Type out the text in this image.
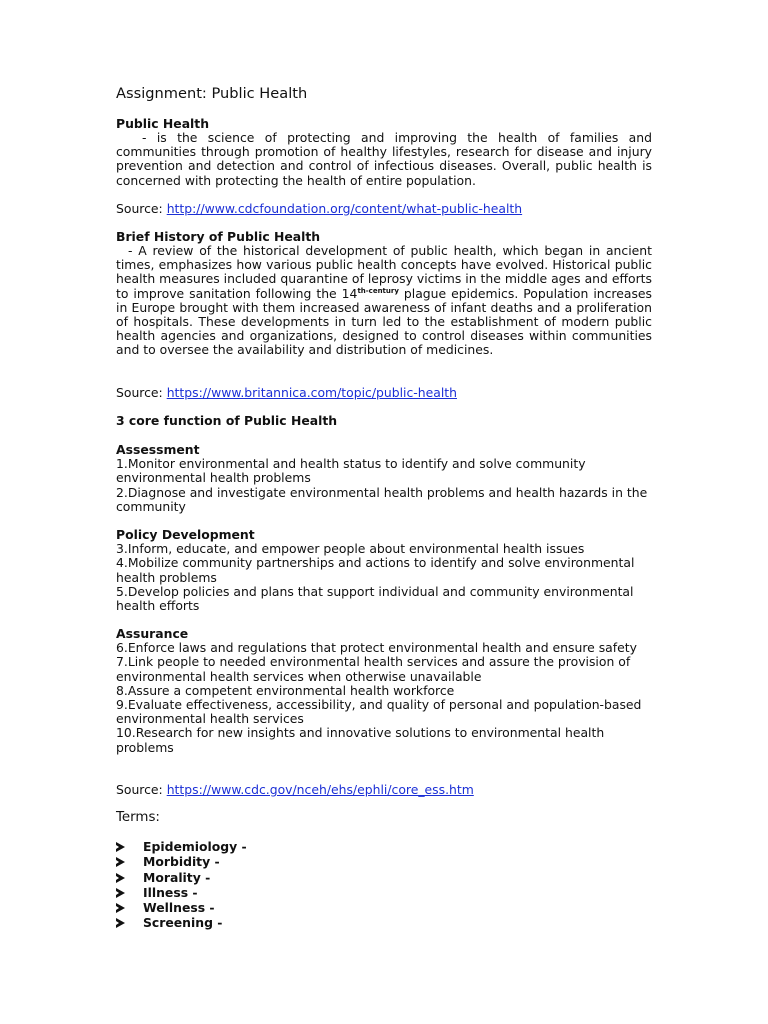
Assignment: Public Health
Public Health
- is the science of protecting and improving the health of families and communities through promotion of healthy lifestyles, research for disease and injury prevention and detection and control of infectious diseases. Overall, public health is concerned with protecting the health of entire population.
Source: http://www.cdcfoundation.org/content/what-public-health
Brief History of Public Health
- A review of the historical development of public health, which began in ancient times, emphasizes how various public health concepts have evolved. Historical public health measures included quarantine of leprosy victims in the middle ages and efforts to improve sanitation following the $14^{th-century}$ plague epidemics. Population increases in Europe brought with them increased awareness of infant deaths and a proliferation of hospitals. These developments in turn led to the establishment of modern public health agencies and organizations, designed to control diseases within communities and to oversee the availability and distribution of medicines.
Source: https://www.britannica.com/topic/public-health
3 core function of Public Health
Assessment
1.Monitor environmental and health status to identify and solve community environmental health problems
2.Diagnose and investigate environmental health problems and health hazards in the community
Policy Development
3.Inform, educate, and empower people about environmental health issues
4.Mobilize community partnerships and actions to identify and solve environmental health problems
5.Develop policies and plans that support individual and community environmental health efforts
Assurance
6.Enforce laws and regulations that protect environmental health and ensure safety
7.Link people to needed environmental health services and assure the provision of environmental health services when otherwise unavailable
8.Assure a competent environmental health workforce
9.Evaluate effectiveness, accessibility, and quality of personal and population-based environmental health services
10.Research for new insights and innovative solutions to environmental health problems
Source: https://www.cdc.gov/nceh/ehs/ephli/core_ess.htm
Terms:
Epidemiology -
Morbidity -
Morality -
Illness -
Wellness -
Screening -
